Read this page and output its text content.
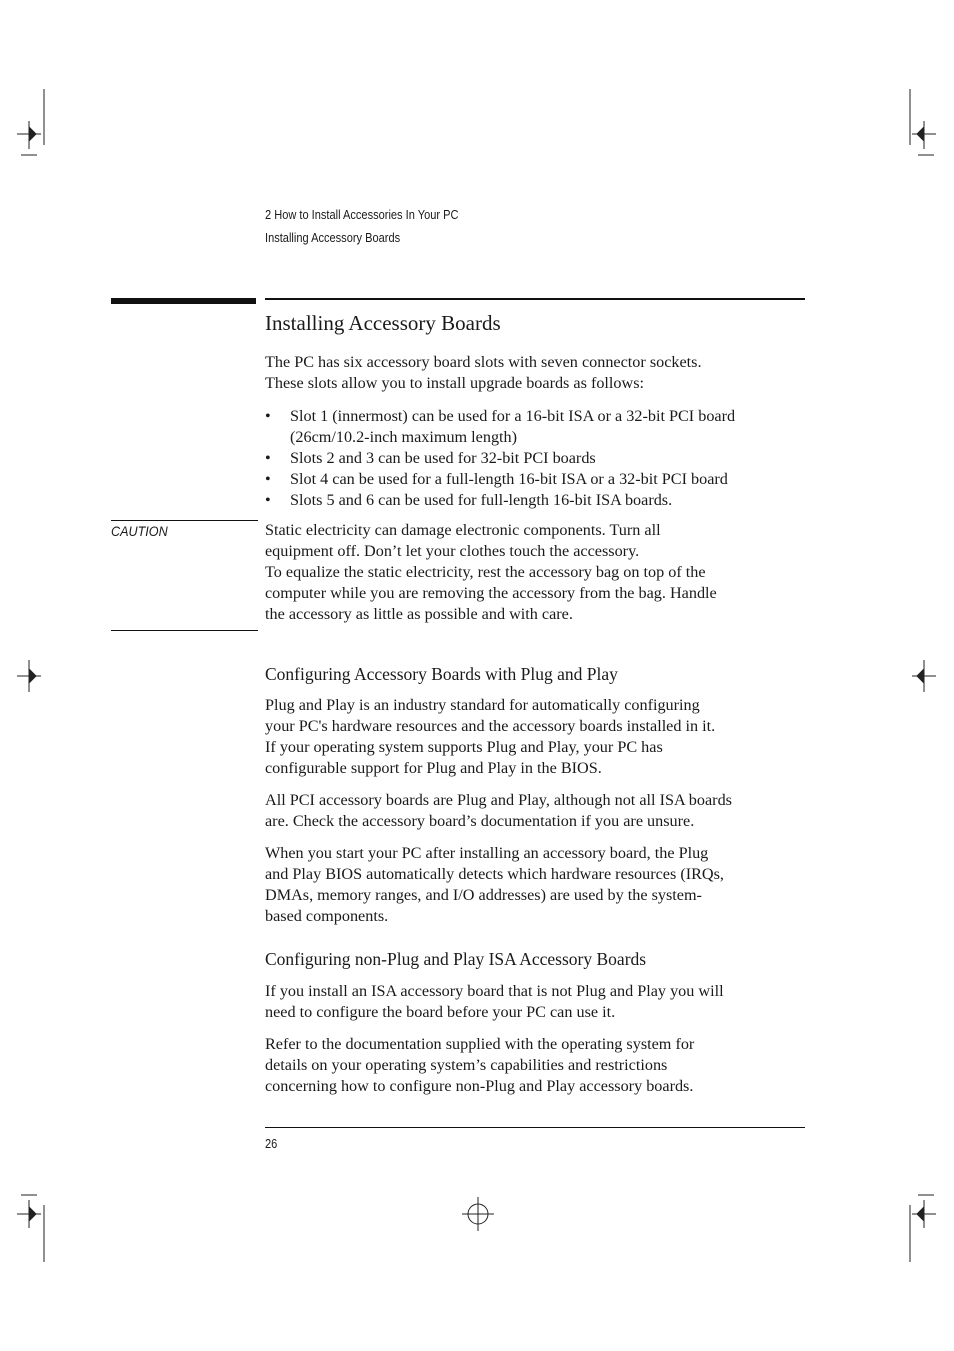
2 How to Install Accessories In Your PC
Installing Accessory Boards
Installing Accessory Boards

The PC has six accessory board slots with seven connector sockets.

These slots allow you to install upgrade boards as follows:

• Slot 1 (innermost) can be used for a 16-bit ISA or a 32-bit PCI board
(26cm/10.2-inch maximum length)
• Slots 2 and 3 can be used for 32-bit PCI boards
• Slot 4 can be used for a full-length 16-bit ISA or a 32-bit PCI board
• Slots 5 and 6 can be used for full-length 16-bit ISA boards.
CAUTION	Static electricity can damage electronic components. Turn all

equipment off. Don’t let your clothes touch the accessory.

To equalize the static electricity, rest the accessory bag on top of the

computer while you are removing the accessory from the bag. Handle

the accessory as little as possible and with care.

Configuring Accessory Boards with Plug and Play

Plug and Play is an industry standard for automatically configuring

your PC's hardware resources and the accessory boards installed in it.

If your operating system supports Plug and Play, your PC has

configurable support for Plug and Play in the BIOS.

All PCI accessory boards are Plug and Play, although not all ISA boards

are. Check the accessory board’s documentation if you are unsure.

When you start your PC after installing an accessory board, the Plug

and Play BIOS automatically detects which hardware resources (IRQs,

DMAs, memory ranges, and I/O addresses) are used by the system-

based components.

Configuring non-Plug and Play ISA Accessory Boards

If you install an ISA accessory board that is not Plug and Play you will

need to configure the board before your PC can use it.

Refer to the documentation supplied with the operating system for

details on your operating system’s capabilities and restrictions

concerning how to configure non-Plug and Play accessory boards.

26
